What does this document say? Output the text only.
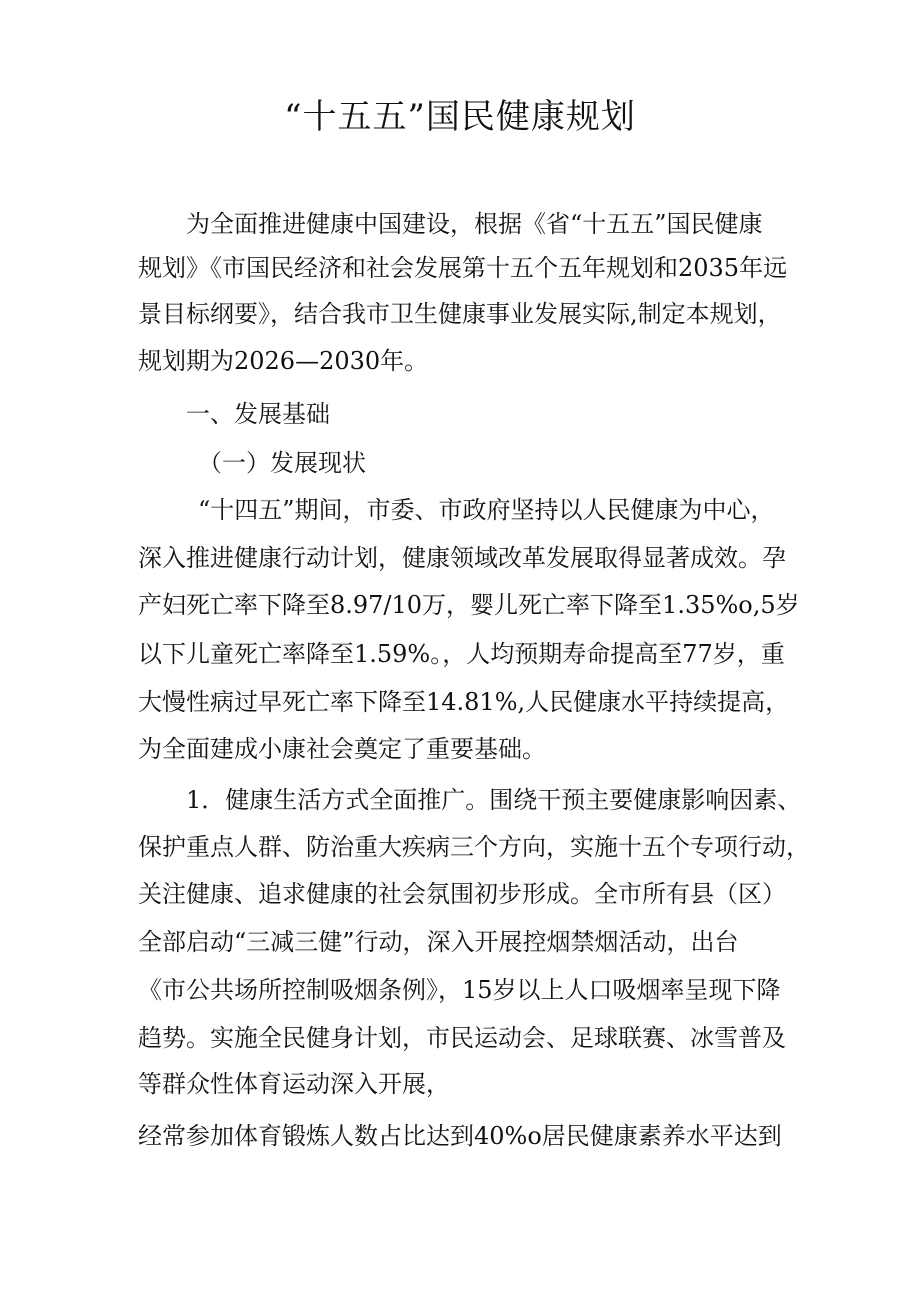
“十五五”国民健康规划
为全面推进健康中国建设，根据《省“十五五”国民健康
规划》《市国民经济和社会发展第十五个五年规划和2035年远
景目标纲要》，结合我市卫生健康事业发展实际,制定本规划，
规划期为2026—2030年。
一、发展基础
（一）发展现状
“十四五”期间，市委、市政府坚持以人民健康为中心，
深入推进健康行动计划，健康领域改革发展取得显著成效。孕
产妇死亡率下降至8.97/10万，婴儿死亡率下降至1.35%o,5岁
以下儿童死亡率降至1.59%。，人均预期寿命提高至77岁，重
大慢性病过早死亡率下降至14.81%,人民健康水平持续提高，
为全面建成小康社会奠定了重要基础。
1．健康生活方式全面推广。围绕干预主要健康影响因素、
保护重点人群、防治重大疾病三个方向，实施十五个专项行动，
关注健康、追求健康的社会氛围初步形成。全市所有县（区）
全部启动“三减三健”行动，深入开展控烟禁烟活动，出台
《市公共场所控制吸烟条例》，15岁以上人口吸烟率呈现下降
趋势。实施全民健身计划，市民运动会、足球联赛、冰雪普及
等群众性体育运动深入开展，
经常参加体育锻炼人数占比达到40%o居民健康素养水平达到
